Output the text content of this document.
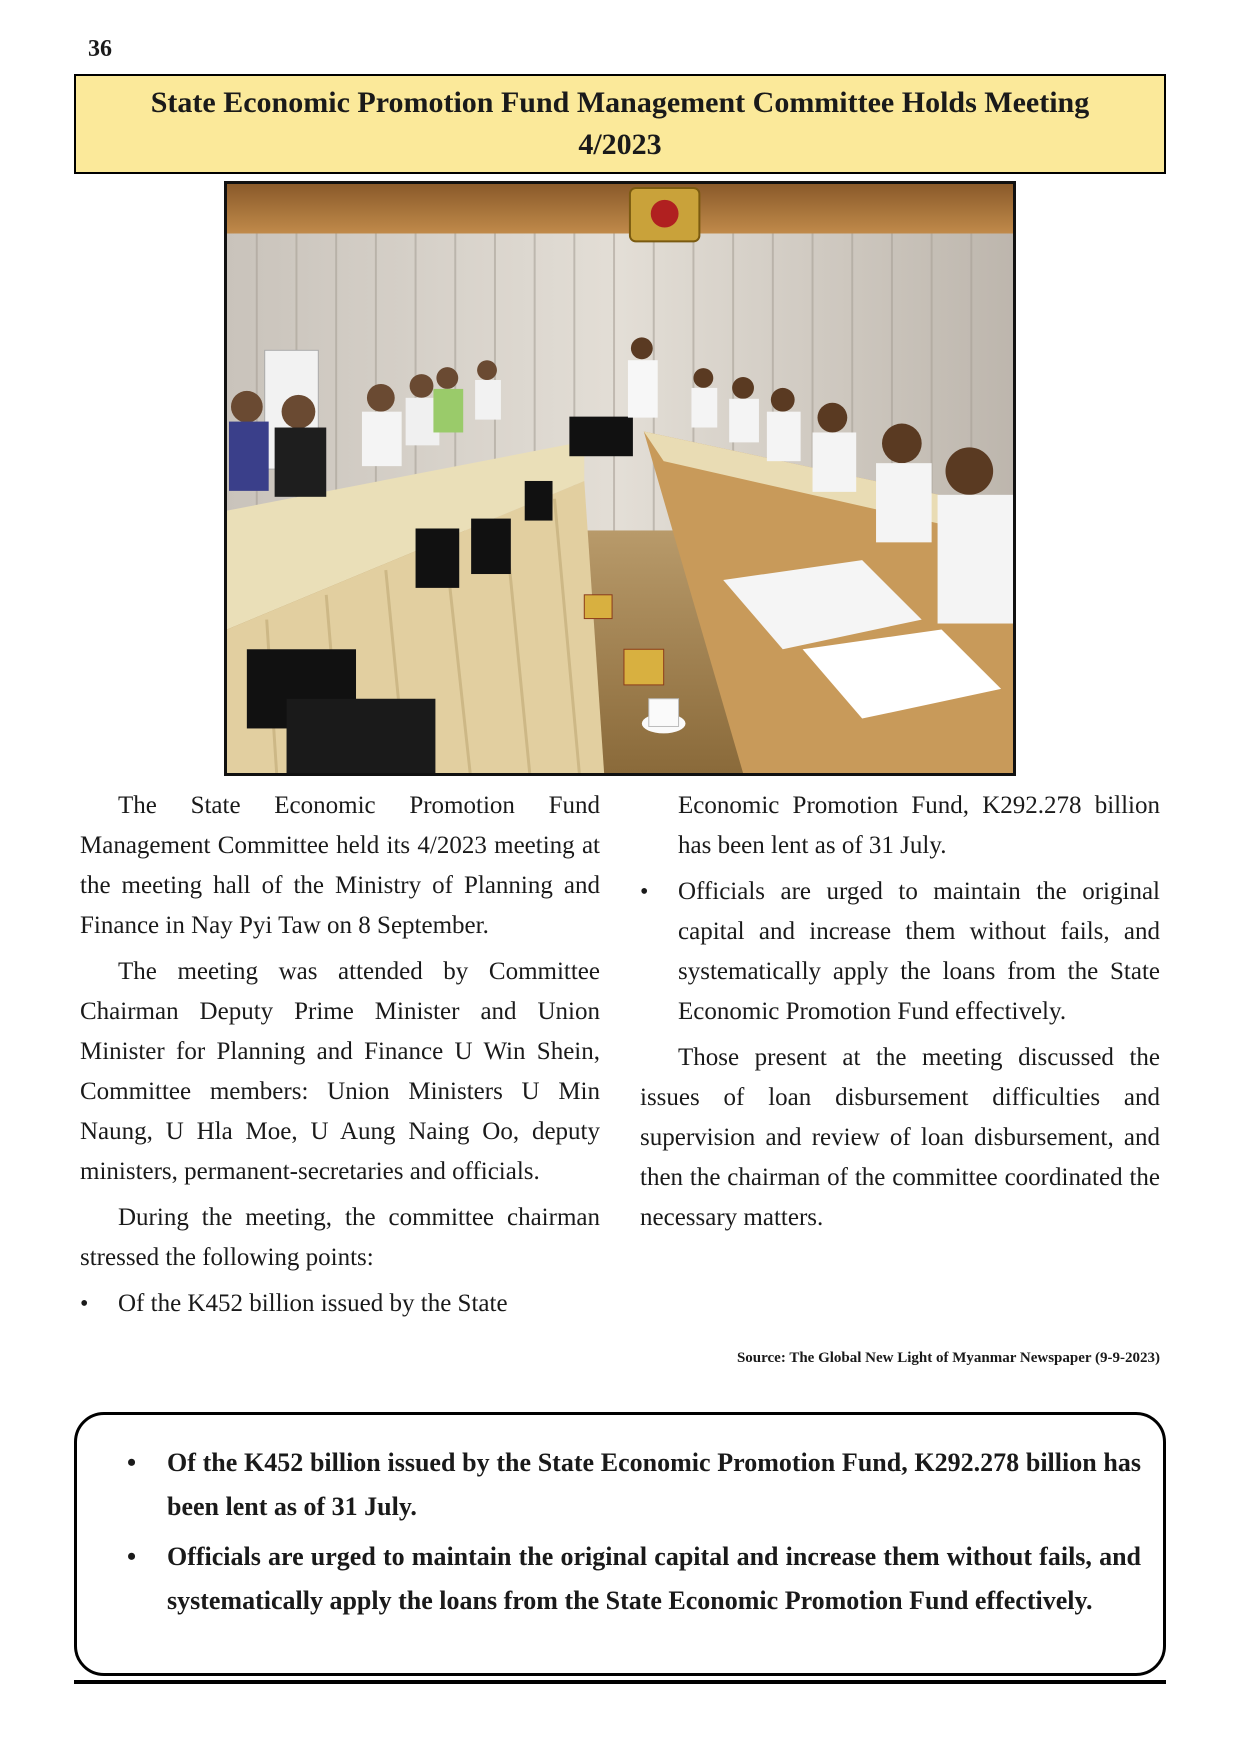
36
State Economic Promotion Fund Management Committee Holds Meeting 4/2023

The State Economic Promotion Fund Management Committee held its 4/2023 meeting at the meeting hall of the Ministry of Planning and Finance in Nay Pyi Taw on 8 September.

The meeting was attended by Committee Chairman Deputy Prime Minister and Union Minister for Planning and Finance U Win Shein, Committee members: Union Ministers U Min Naung, U Hla Moe, U Aung Naing Oo, deputy ministers, permanent-secretaries and officials.

During the meeting, the committee chairman stressed the following points:

• Of the K452 billion issued by the State
Economic Promotion Fund, K292.278 billion has been lent as of 31 July.
• Officials are urged to maintain the original capital and increase them without fails, and systematically apply the loans from the State Economic Promotion Fund effectively.

Those present at the meeting discussed the issues of loan disbursement difficulties and supervision and review of loan disbursement, and then the chairman of the committee coordinated the necessary matters.

Source: The Global New Light of Myanmar Newspaper (9-9-2023)
• Of the K452 billion issued by the State Economic Promotion Fund, K292.278 billion has been lent as of 31 July.
• Officials are urged to maintain the original capital and increase them without fails, and systematically apply the loans from the State Economic Promotion Fund effectively.
